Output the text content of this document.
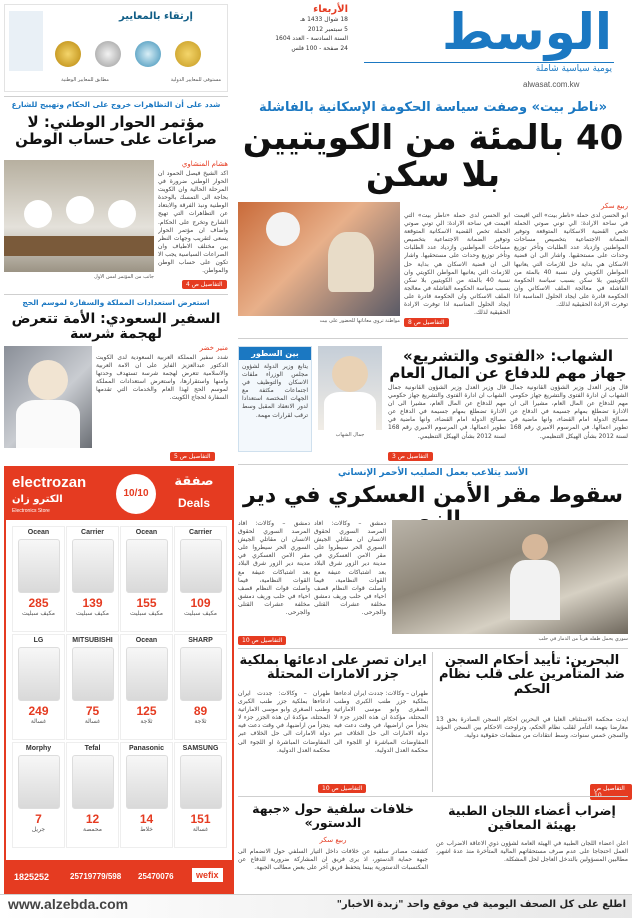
الوسط
يومية سياسية شاملة
alwasat.com.kw
الأربعاء
18 شوال 1433 هـ
5 سبتمبر 2012
السنة السادسة - العدد 1604
24 صفحة - 100 فلس
إرتقاء بالمعايير
مستوفى للمعايير الدولية
مطابق للمعايير الوطنية
«ناطر بيت» وصفت سياسة الحكومة الإسكانية بالفاشلة
40 بالمئة من الكويتيين بلا سكن
ربيع سكر
ابو الحسن لدى حملة «ناطر بيت» التي اقيمت في ساحة الارادة: الي توني صوتي الحملة تخص القضية الاسكانية المتوقعة وتوفير الضمانة الاجتماعية بتخصيص مساحات المواطنين وازدياد عدد الطلبات وتأخر توزيع وحدات على مستحقيها. واشار الى ان قضية الاسكان هي بداية حل للازمات التي يعانيها المواطن الكويتي وان نسبة 40 بالمئة من الكويتيين بلا سكن بسبب سياسة الحكومة الفاشلة في معالجة الملف الاسكاني وان الحكومة قادرة على ايجاد الحلول المناسبة اذا توفرت الارادة الحقيقية لذلك.
ابو الحسن لدى حملة «ناطر بيت» التي اقيمت في ساحة الارادة: الي توني صوتي الحملة تخص القضية الاسكانية المتوقعة وتوفير الضمانة الاجتماعية بتخصيص مساحات المواطنين وازدياد عدد الطلبات وتأخر توزيع وحدات على مستحقيها. واشار الى ان قضية الاسكان هي بداية حل للازمات التي يعانيها المواطن الكويتي وان نسبة 40 بالمئة من الكويتيين بلا سكن بسبب سياسة الحكومة الفاشلة في معالجة الملف الاسكاني وان الحكومة قادرة على ايجاد الحلول المناسبة اذا توفرت الارادة الحقيقية لذلك.
مواطنة تروي معاناتها للحضور على بيت	التفاصيل ص 8
شدد على أن التظاهرات خروج على الحكام وتهييج للشارع
مؤتمر الحوار الوطني: لا صراعات على حساب الوطن
جانب من المؤتمر امس الاول
هشام المنشاوي
اكد الشيخ فيصل الحمود ان الحوار الوطني ضرورة في المرحلة الحالية وان الكويت بحاجة الى التمسك بالوحدة الوطنية ونبذ الفرقة والابتعاد عن التظاهرات التي تهيج الشارع وتخرج على الحكام. واضاف ان مؤتمر الحوار يسعى لتقريب وجهات النظر بين مختلف الاطياف وان الصراعات السياسية يجب الا تكون على حساب الوطن والمواطن.
التفاصيل ص 4
استعرض استعدادات المملكة والسفارة لموسم الحج
السفير السعودي: الأمة تتعرض لهجمة شرسة
منير خضر
شدد سفير المملكة العربية السعودية لدى الكويت الدكتور عبدالعزيز الفايز على ان الامة العربية والاسلامية تتعرض لهجمة شرسة تستهدف وحدتها وامنها واستقرارها، واستعرض استعدادات المملكة لموسم الحج لهذا العام والخدمات التي تقدمها السفارة لحجاج الكويت.
التفاصيل ص 5
بين السطور
يتابع وزير الدولة لشؤون مجلس الوزراء ملفات الاسكان والتوظيف في اجتماعات مكثفة مع الجهات المختصة استعدادا لدور الانعقاد المقبل وسط ترقب لقرارات مهمة.
جمال الشهاب
الشهاب: «الفتوى والتشريع» جهاز مهم للدفاع عن المال العام
قال وزير العدل وزير الشؤون القانونية جمال الشهاب ان ادارة الفتوى والتشريع جهاز حكومي مهم للدفاع عن المال العام، مشيرا الى ان الادارة تضطلع بمهام جسيمة في الدفاع عن مصالح الدولة امام القضاء، وانها ماضية في تطوير اعمالها. في المرسوم الاميري رقم 168 لسنة 2012 بشأن الهيكل التنظيمي.
قال وزير العدل وزير الشؤون القانونية جمال الشهاب ان ادارة الفتوى والتشريع جهاز حكومي مهم للدفاع عن المال العام، مشيرا الى ان الادارة تضطلع بمهام جسيمة في الدفاع عن مصالح الدولة امام القضاء، وانها ماضية في تطوير اعمالها. في المرسوم الاميري رقم 168 لسنة 2012 بشأن الهيكل التنظيمي.
التفاصيل ص 3
الأسد يتلاعب بعمل الصليب الأحمر الإنساني
سقوط مقر الأمن العسكري في دير
دمشق – وكالات: افاد المرصد السوري لحقوق الانسان ان مقاتلي الجيش السوري الحر سيطروا على مقر الامن العسكري في مدينة دير الزور شرق البلاد بعد اشتباكات عنيفة مع القوات النظامية، فيما واصلت قوات النظام قصف احياء في حلب وريف دمشق مخلفة عشرات القتلى والجرحى.
دمشق – وكالات: افاد المرصد السوري لحقوق الانسان ان مقاتلي الجيش السوري الحر سيطروا على مقر الامن العسكري في مدينة دير الزور شرق البلاد بعد اشتباكات عنيفة مع القوات النظامية، فيما واصلت قوات النظام قصف احياء في حلب وريف دمشق مخلفة عشرات القتلى والجرحى.
سوري يحمل طفله هرباً من الدمار في حلب
التفاصيل ص 10
ايران تصر على ادعائها بملكية جزر الامارات المحتلة
طهران – وكالات: جددت ايران ادعاءها بملكية جزر طنب الكبرى وطنب الصغرى وابو موسى الاماراتية المحتلة، مؤكدة ان هذه الجزر جزء لا يتجزأ من اراضيها، في وقت دعت فيه دولة الامارات الى حل الخلاف عبر المفاوضات المباشرة او اللجوء الى محكمة العدل الدولية.
طهران – وكالات: جددت ايران ادعاءها بملكية جزر طنب الكبرى وطنب الصغرى وابو موسى الاماراتية المحتلة، مؤكدة ان هذه الجزر جزء لا يتجزأ من اراضيها، في وقت دعت فيه دولة الامارات الى حل الخلاف عبر المفاوضات المباشرة او اللجوء الى محكمة العدل الدولية.
التفاصيل ص 10
البحرين: تأييد أحكام السجن ضد المتآمرين على قلب نظام الحكم
ايدت محكمة الاستئناف العليا في البحرين احكام السجن الصادرة بحق 13 معارضا بتهمة التآمر لقلب نظام الحكم، وتراوحت الاحكام بين السجن المؤبد والسجن خمس سنوات، وسط انتقادات من منظمات حقوقية دولية.
التفاصيل ص
خلافات سلفية حول «جبهة الدستور»
ربيع سكر
كشفت مصادر سلفية عن خلافات داخل التيار السلفي حول الانضمام الى جبهة حماية الدستور، اذ يرى فريق ان المشاركة ضرورية للدفاع عن المكتسبات الدستورية بينما يتحفظ فريق آخر على بعض مطالب الجبهة.
إضراب أعضاء اللجان الطبية بهيئة المعاقين
اعلن اعضاء اللجان الطبية في الهيئة العامة لشؤون ذوي الاعاقة الاضراب عن العمل احتجاجا على عدم صرف مستحقاتهم المالية المتأخرة منذ عدة اشهر، مطالبين المسؤولين بالتدخل العاجل لحل المشكلة.
electrozan
الكترو زان
Electronics Store
10/10
صفقة
Deals
Carrier
109
مكيف سبليت
Ocean
155
مكيف سبليت
Carrier
139
مكيف سبليت
Ocean
285
مكيف سبليت
SHARP
89
ثلاجة
Ocean
125
ثلاجة
MITSUBISHI
75
غسالة
LG
249
غسالة
SAMSUNG
151
غسالة
Panasonic
14
خلاط
Tefal
12
محمصة
Morphy
7
جريل
1825252	25719779/598 25470076	wefix
www.alzebda.com	اطلع على كل الصحف اليومية في موقع واحد "زبدة الأخبار"
